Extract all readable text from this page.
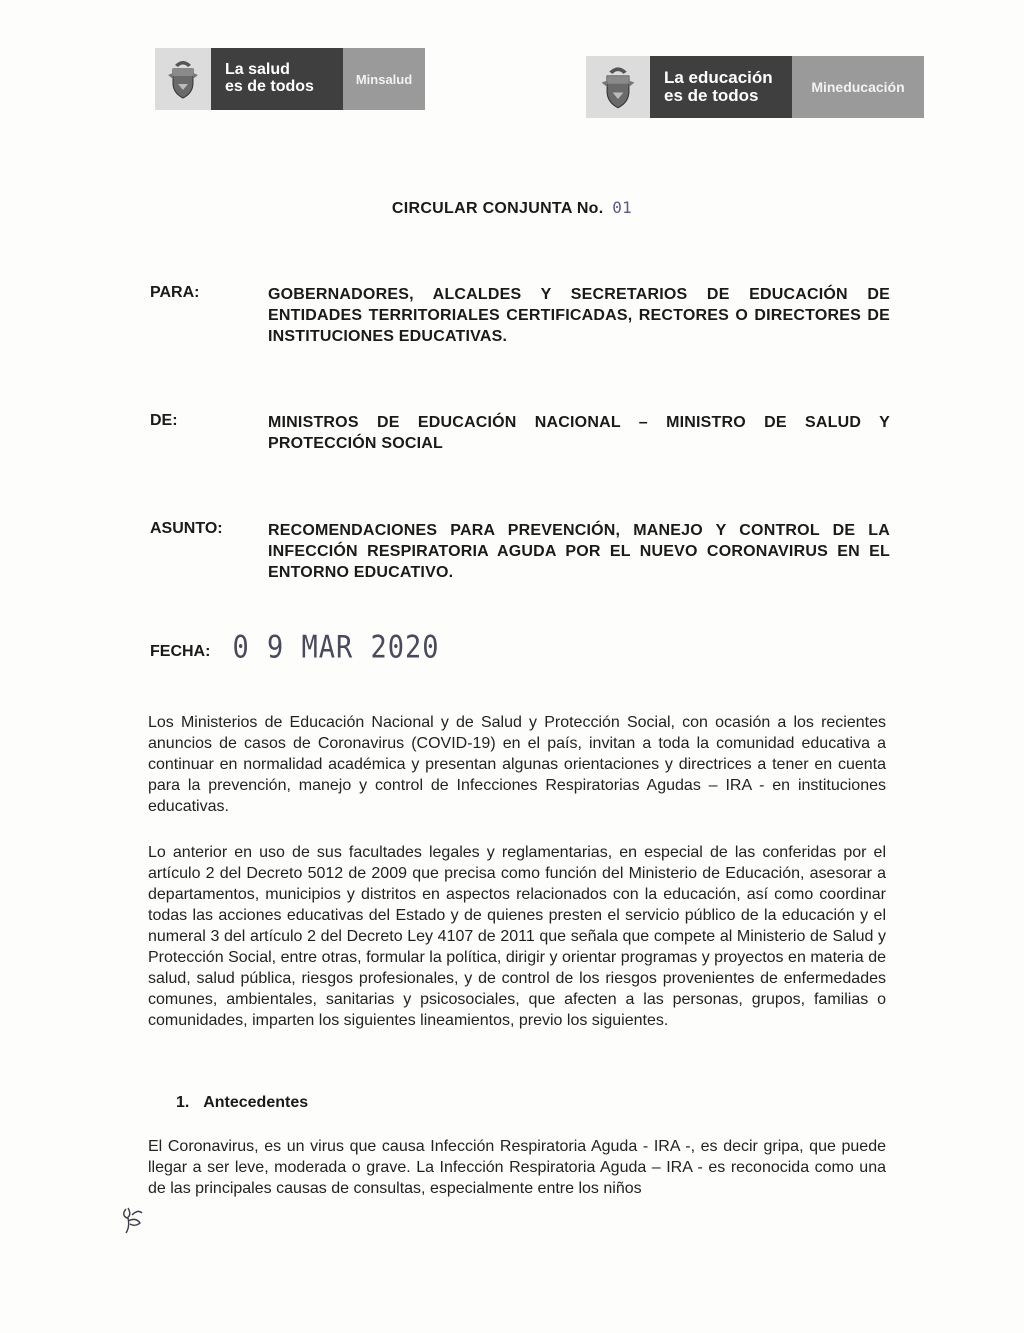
La salud
es de todos	Minsalud	La educación
es de todos	Mineducación
CIRCULAR CONJUNTA No. 01
PARA:	GOBERNADORES, ALCALDES Y SECRETARIOS DE EDUCACIÓN DE ENTIDADES TERRITORIALES CERTIFICADAS, RECTORES O DIRECTORES DE INSTITUCIONES EDUCATIVAS.
DE:	MINISTROS DE EDUCACIÓN NACIONAL – MINISTRO DE SALUD Y PROTECCIÓN SOCIAL
ASUNTO:	RECOMENDACIONES PARA PREVENCIÓN, MANEJO Y CONTROL DE LA INFECCIÓN RESPIRATORIA AGUDA POR EL NUEVO CORONAVIRUS EN EL ENTORNO EDUCATIVO.
FECHA: 0 9 MAR 2020
Los Ministerios de Educación Nacional y de Salud y Protección Social, con ocasión a los recientes anuncios de casos de Coronavirus (COVID-19) en el país, invitan a toda la comunidad educativa a continuar en normalidad académica y presentan algunas orientaciones y directrices a tener en cuenta para la prevención, manejo y control de Infecciones Respiratorias Agudas – IRA - en instituciones educativas.
Lo anterior en uso de sus facultades legales y reglamentarias, en especial de las conferidas por el artículo 2 del Decreto 5012 de 2009 que precisa como función del Ministerio de Educación, asesorar a departamentos, municipios y distritos en aspectos relacionados con la educación, así como coordinar todas las acciones educativas del Estado y de quienes presten el servicio público de la educación y el numeral 3 del artículo 2 del Decreto Ley 4107 de 2011 que señala que compete al Ministerio de Salud y Protección Social, entre otras, formular la política, dirigir y orientar programas y proyectos en materia de salud, salud pública, riesgos profesionales, y de control de los riesgos provenientes de enfermedades comunes, ambientales, sanitarias y psicosociales, que afecten a las personas, grupos, familias o comunidades, imparten los siguientes lineamientos, previo los siguientes.
1. Antecedentes
El Coronavirus, es un virus que causa Infección Respiratoria Aguda - IRA -, es decir gripa, que puede llegar a ser leve, moderada o grave. La Infección Respiratoria Aguda – IRA - es reconocida como una de las principales causas de consultas, especialmente entre los niños
